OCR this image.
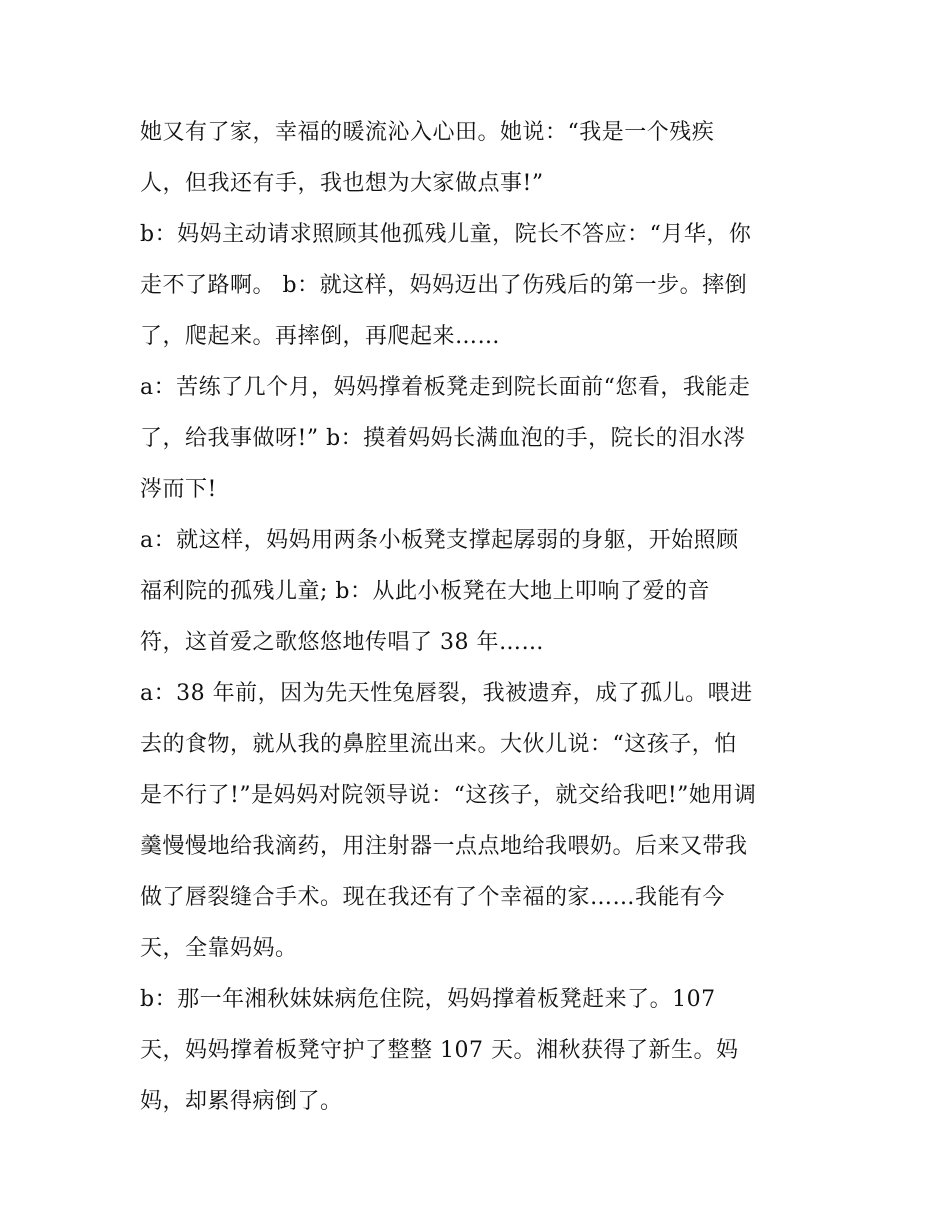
她又有了家，幸福的暖流沁入心田。她说：“我是一个残疾
人，但我还有手，我也想为大家做点事!”
b：妈妈主动请求照顾其他孤残儿童，院长不答应：“月华，你
走不了路啊。 b：就这样，妈妈迈出了伤残后的第一步。摔倒
了，爬起来。再摔倒，再爬起来……
a：苦练了几个月，妈妈撑着板凳走到院长面前“您看，我能走
了，给我事做呀!” b：摸着妈妈长满血泡的手，院长的泪水涔
涔而下!
a：就这样，妈妈用两条小板凳支撑起孱弱的身躯，开始照顾
福利院的孤残儿童; b：从此小板凳在大地上叩响了爱的音
符，这首爱之歌悠悠地传唱了 38 年……
a：38 年前，因为先天性兔唇裂，我被遗弃，成了孤儿。喂进
去的食物，就从我的鼻腔里流出来。大伙儿说：“这孩子，怕
是不行了!”是妈妈对院领导说：“这孩子，就交给我吧!”她用调
羹慢慢地给我滴药，用注射器一点点地给我喂奶。后来又带我
做了唇裂缝合手术。现在我还有了个幸福的家……我能有今
天，全靠妈妈。
b：那一年湘秋妹妹病危住院，妈妈撑着板凳赶来了。107
天，妈妈撑着板凳守护了整整 107 天。湘秋获得了新生。妈
妈，却累得病倒了。
